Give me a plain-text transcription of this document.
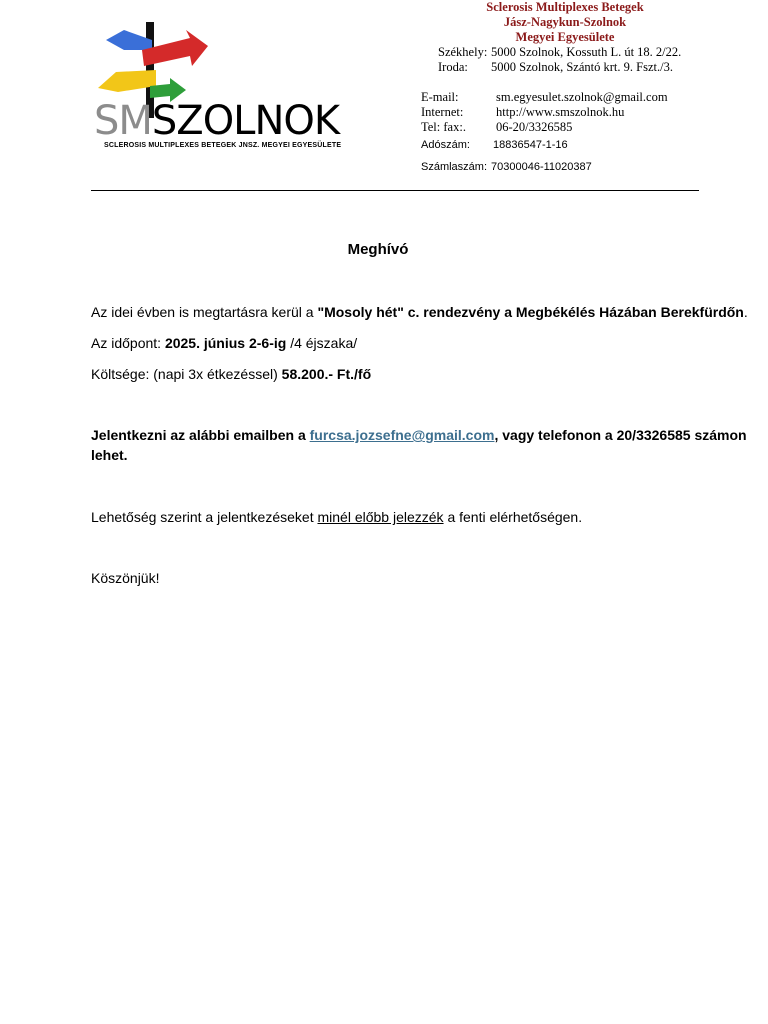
SMSZOLNOK
SCLEROSIS MULTIPLEXES BETEGEK JNSZ. MEGYEI EGYESÜLETE
Sclerosis Multiplexes Betegek
Jász-Nagykun-Szolnok
Megyei Egyesülete
Székhely: 5000 Szolnok, Kossuth L. út 18. 2/22.
Iroda: 5000 Szolnok, Szántó krt. 9. Fszt./3.
E-mail:	sm.egyesulet.szolnok@gmail.com
Internet:	http://www.smszolnok.hu
Tel: fax:. 06-20/3326585
Adószám: 18836547-1-16
Számlaszám: 70300046-11020387
Meghívó
Az idei évben is megtartásra kerül a "Mosoly hét" c. rendezvény a Megbékélés Házában Berekfürdőn.
Az időpont: 2025. június 2-6-ig /4 éjszaka/
Költsége: (napi 3x étkezéssel) 58.200.- Ft./fő
Jelentkezni az alábbi emailben a furcsa.jozsefne@gmail.com, vagy telefonon a 20/3326585 számon
lehet.
Lehetőség szerint a jelentkezéseket minél előbb jelezzék a fenti elérhetőségen.
Köszönjük!
